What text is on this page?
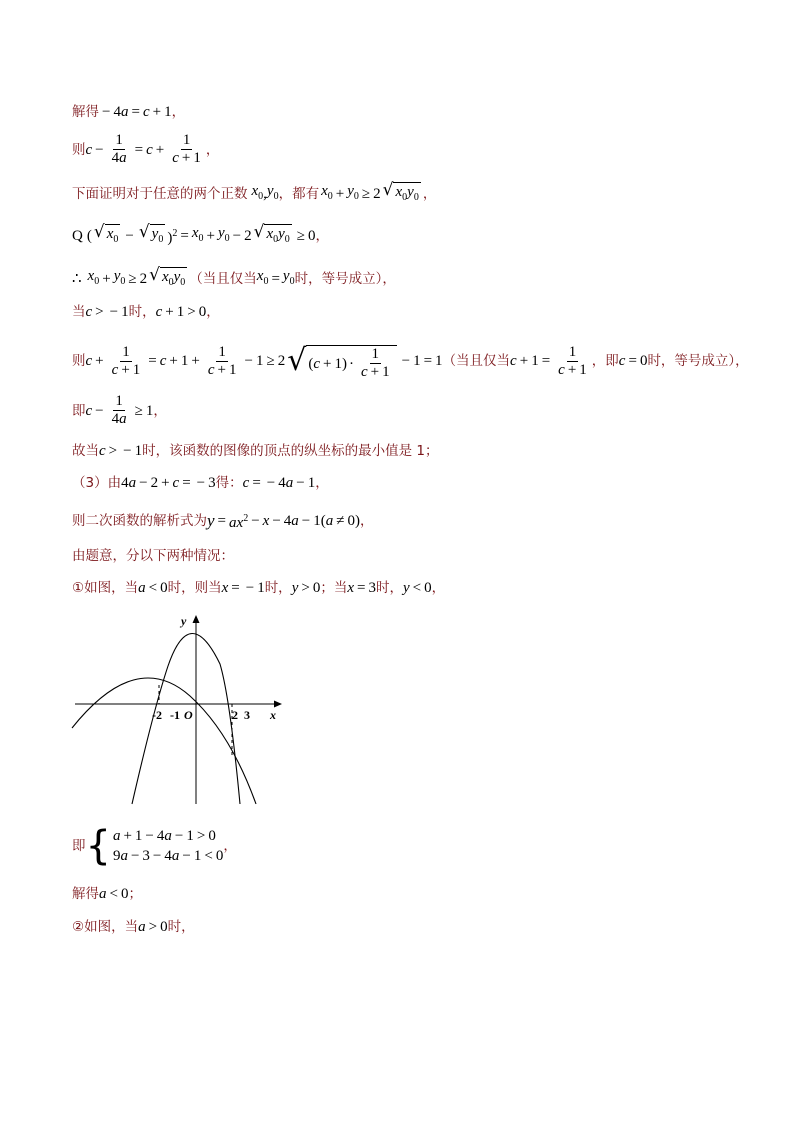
解得 − 4 a = c + 1 ，
则 $c - \frac{1}{4a} = c + \frac{1}{c + 1}$ ，
下面证明对于任意的两个正数 $x_0$ , $y_0$ ，都有 $x_0 + y_0 \ge 2$ √ $x_0y_0$ ，
Q ( √ $x_0$ − √ $y_0$ )$^2 = x_0 + y_0 - 2$ √ $x_0y_0 \ge 0$ ，
∴ $x_0 + y_0 \ge 2$ √ $x_0y_0$ （当且仅当 $x_0 = y_0$ 时，等号成立），
当 c > − 1 时， c + 1 > 0 ，
则 $c + \frac{1}{c + 1} = c + 1 + \frac{1}{c + 1} - 1 \ge 2$ √ ( $c + 1) \cdot \frac{1}{c + 1} - 1 = 1$ （当且仅当 $c + 1 = \frac{1}{c + 1}$ ，即 c = 0 时，等号成立），
即 $c - \frac{1}{4a} \ge 1$ ，
故当 c > − 1 时，该函数的图像的顶点的纵坐标的最小值是 1；
（3）由 4 a − 2 + c = − 3 得： c = − 4 a − 1 ，
则二次函数的解析式为 $y = ax^2 - x - 4$ a − 1( a ≠ 0) ，
由题意，分以下两种情况：
①如图，当 a < 0 时，则当 x = − 1 时， y > 0 ；当 x = 3 时， y < 0 ，
y
x
O
-2 -1	2 3
即 { a + 1 − 4a − 1 > 0
9a − 3 − 4a − 1 < 0
，
解得 a < 0 ；
②如图，当 a > 0 时，
